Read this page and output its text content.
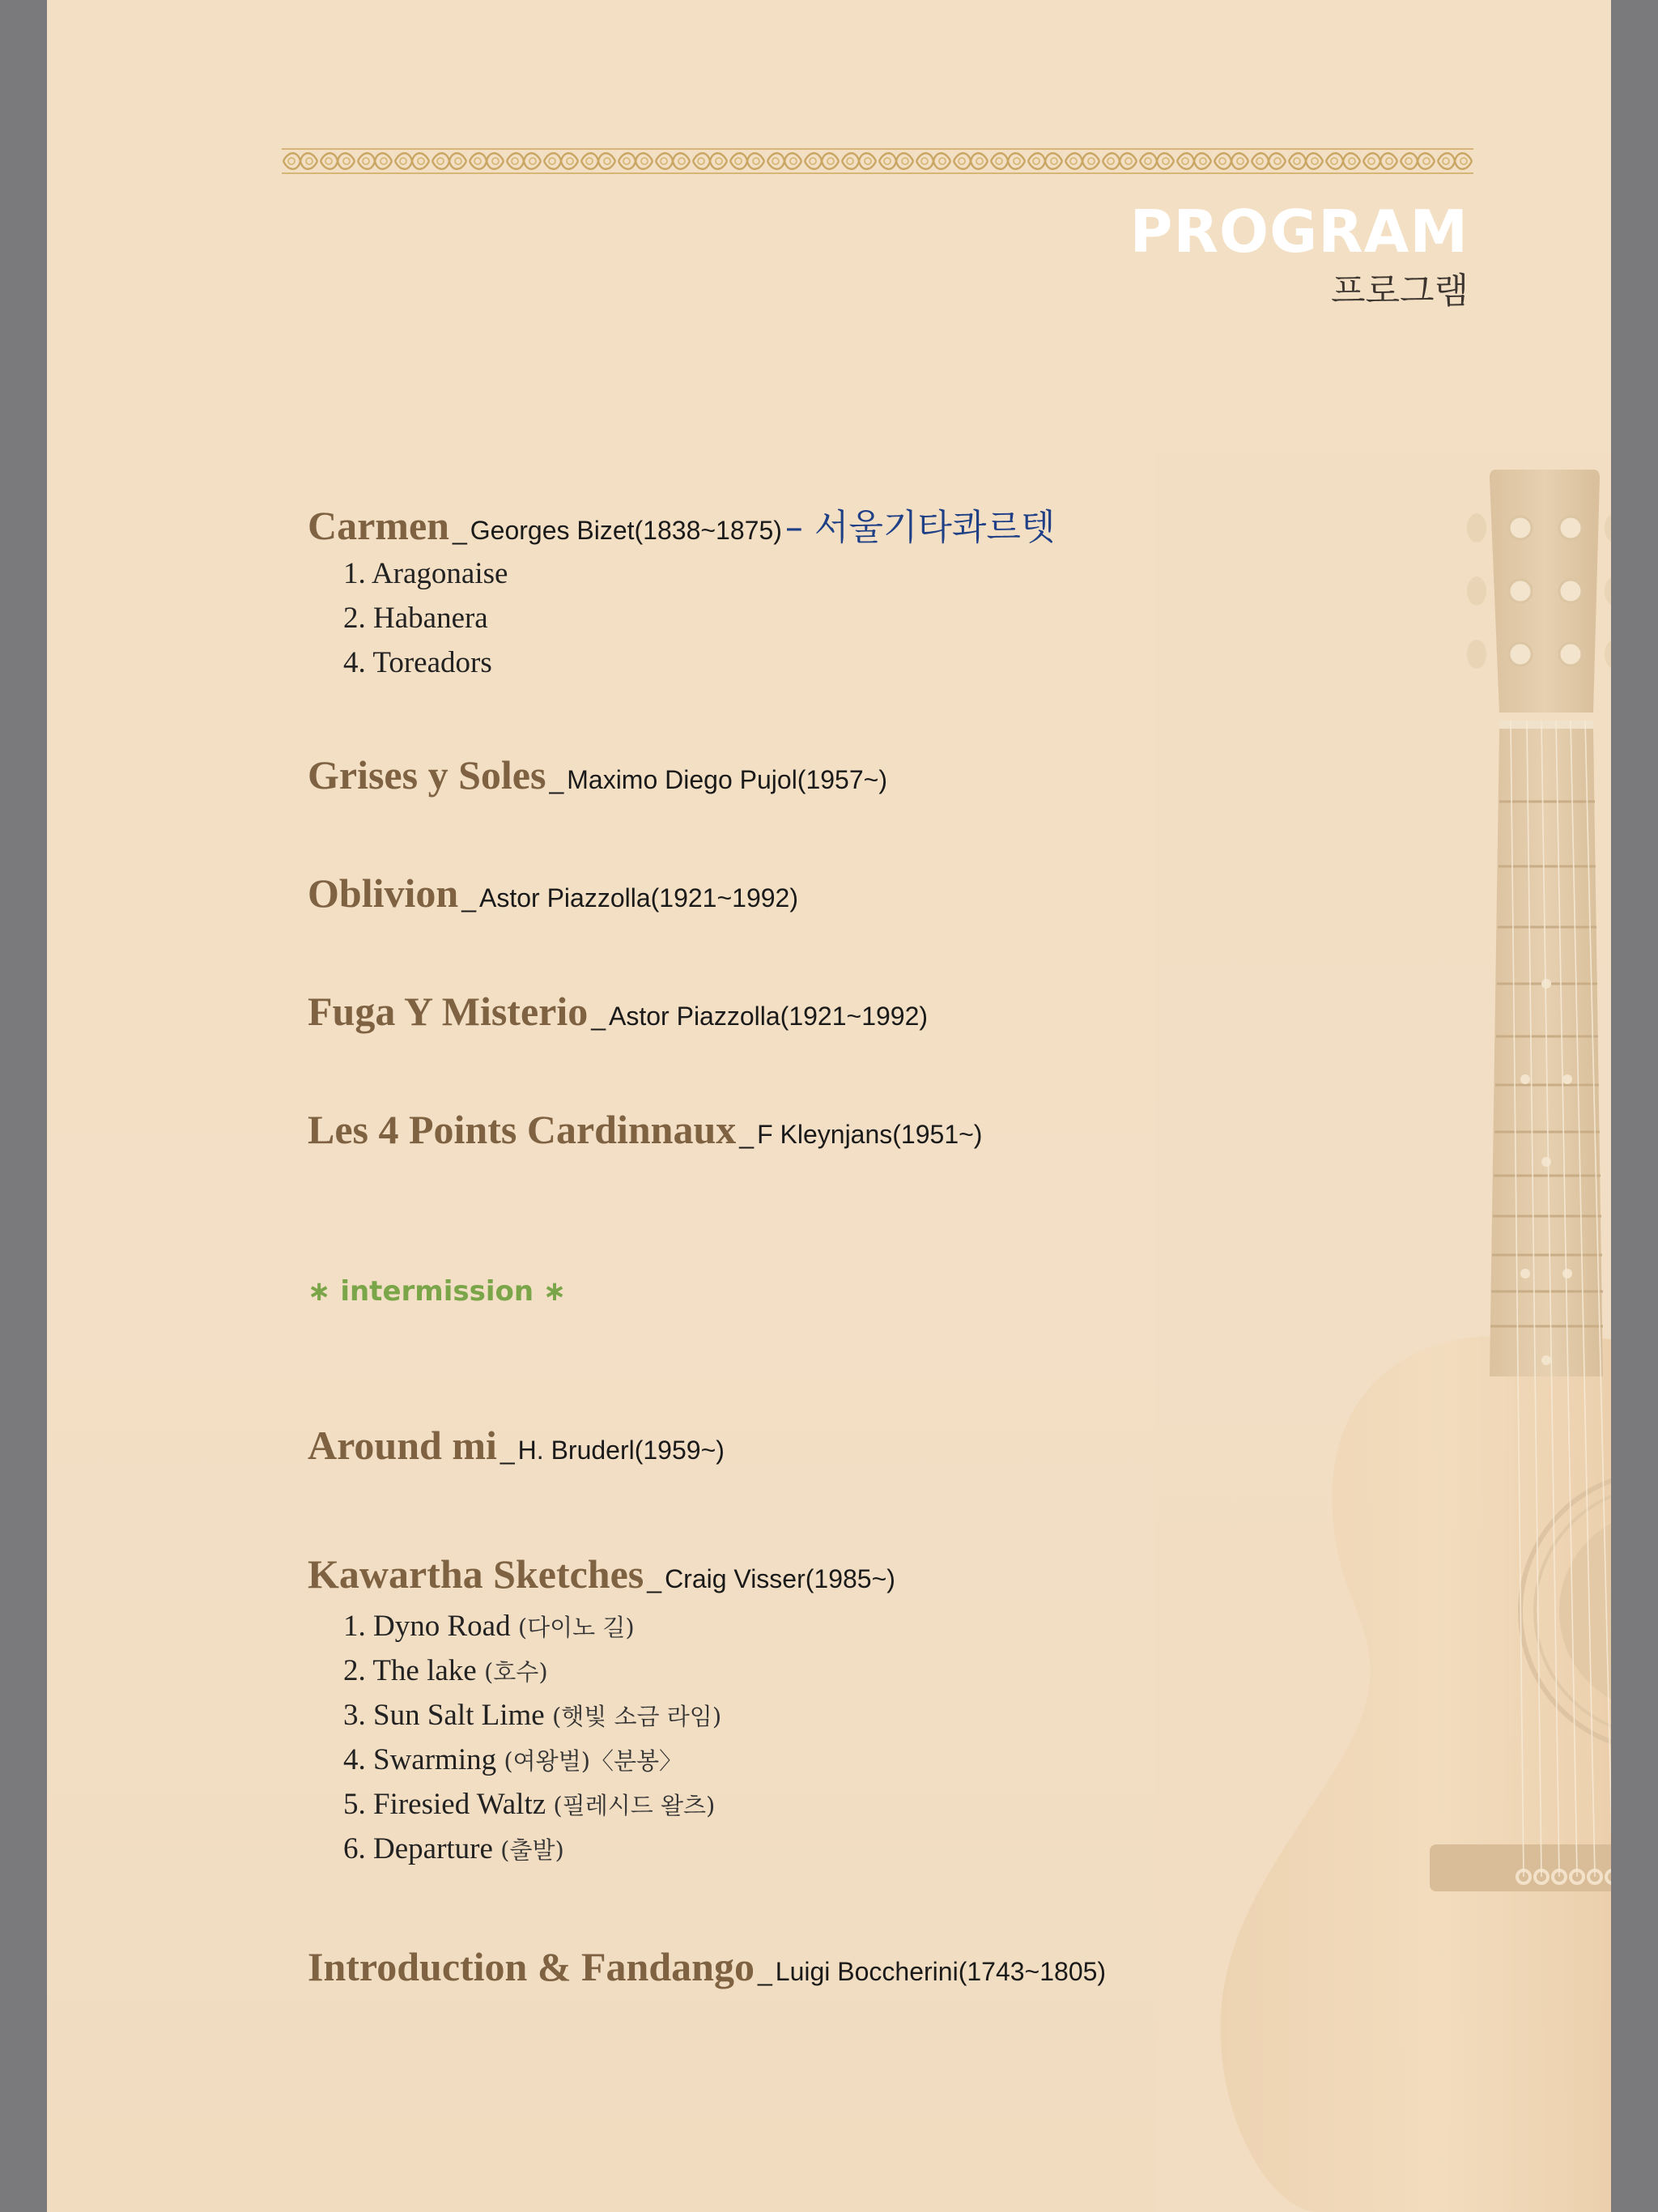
PROGRAM
프로그램
Carmen _ Georges Bizet(1838~1875) – 서울기타콰르텟
1. Aragonaise
2. Habanera
4. Toreadors
Grises y Soles _ Maximo Diego Pujol(1957~)
Oblivion _ Astor Piazzolla(1921~1992)
Fuga Y Misterio _ Astor Piazzolla(1921~1992)
Les 4 Points Cardinnaux _ F Kleynjans(1951~)
∗ intermission ∗
Around mi _ H. Bruderl(1959~)
Kawartha Sketches _ Craig Visser(1985~)
1. Dyno Road (다이노 길)
2. The lake (호수)
3. Sun Salt Lime (햇빛 소금 라임)
4. Swarming (여왕벌)〈분봉〉
5. Firesied Waltz (필레시드 왈츠)
6. Departure (출발)
Introduction & Fandango _ Luigi Boccherini(1743~1805)
